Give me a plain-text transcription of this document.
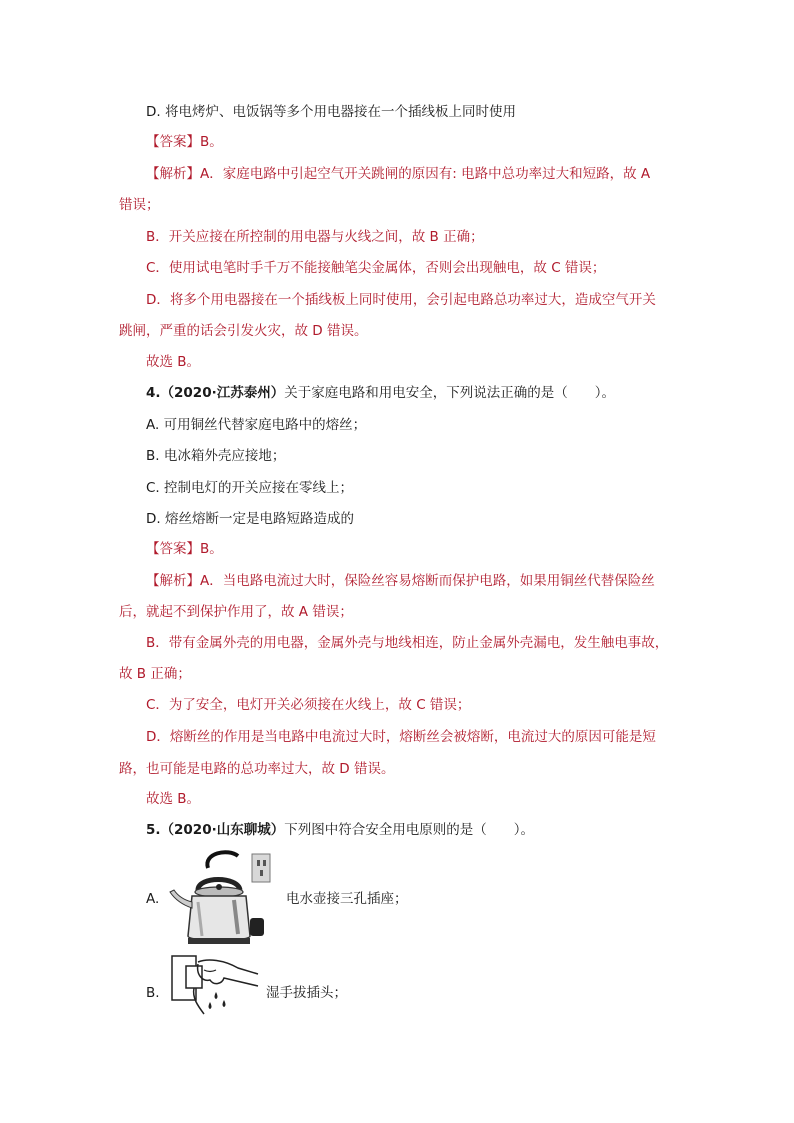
D. 将电烤炉、电饭锅等多个用电器接在一个插线板上同时使用
【答案】B。
【解析】A．家庭电路中引起空气开关跳闸的原因有: 电路中总功率过大和短路，故 A
错误；
B．开关应接在所控制的用电器与火线之间，故 B 正确；
C．使用试电笔时手千万不能接触笔尖金属体，否则会出现触电，故 C 错误；
D．将多个用电器接在一个插线板上同时使用，会引起电路总功率过大，造成空气开关
跳闸，严重的话会引发火灾，故 D 错误。
故选 B。
4.（2020·江苏泰州）关于家庭电路和用电安全，下列说法正确的是（　　）。
A. 可用铜丝代替家庭电路中的熔丝；
B. 电冰箱外壳应接地；
C. 控制电灯的开关应接在零线上；
D. 熔丝熔断一定是电路短路造成的
【答案】B。
【解析】A．当电路电流过大时，保险丝容易熔断而保护电路，如果用铜丝代替保险丝
后，就起不到保护作用了，故 A 错误；
B．带有金属外壳的用电器，金属外壳与地线相连，防止金属外壳漏电，发生触电事故，
故 B 正确；
C．为了安全，电灯开关必须接在火线上，故 C 错误；
D．熔断丝的作用是当电路中电流过大时，熔断丝会被熔断，电流过大的原因可能是短
路，也可能是电路的总功率过大，故 D 错误。
故选 B。
5.（2020·山东聊城）下列图中符合安全用电原则的是（　　）。
A.	电水壶接三孔插座；
B.	湿手拔插头；
